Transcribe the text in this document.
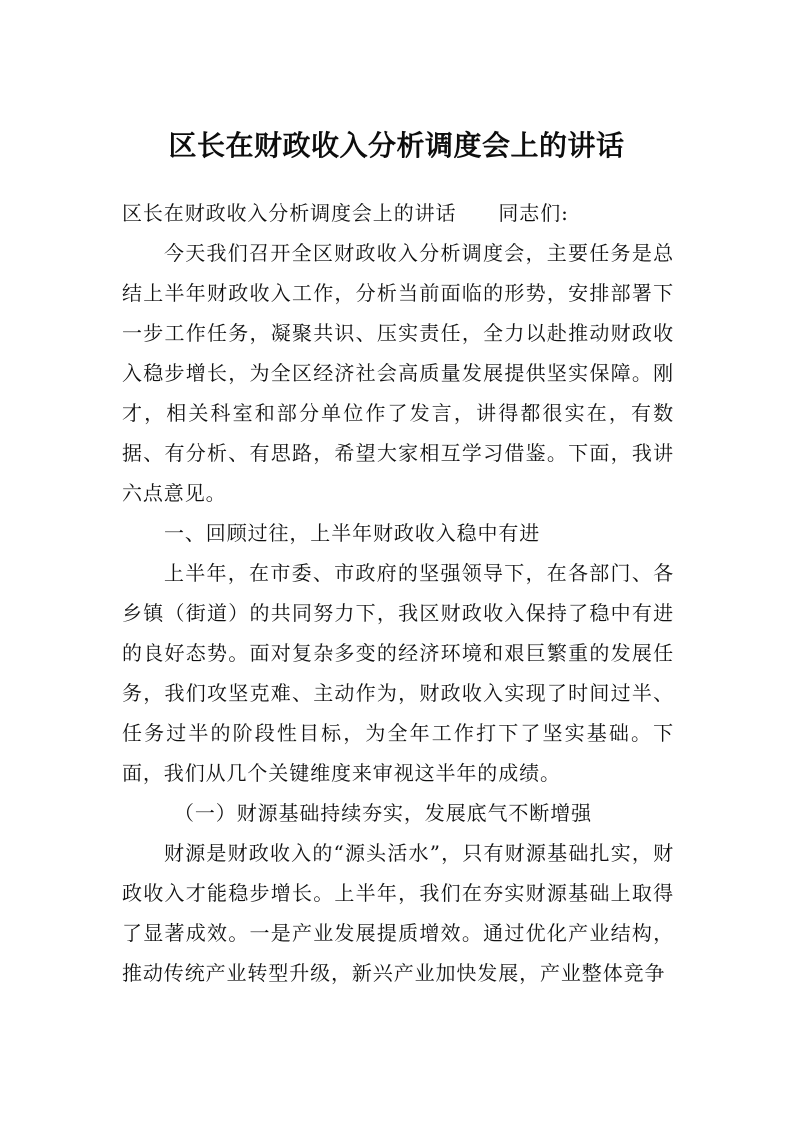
区长在财政收入分析调度会上的讲话

区长在财政收入分析调度会上的讲话 同志们:

今天我们召开全区财政收入分析调度会，主要任务是总结上半年财政收入工作，分析当前面临的形势，安排部署下一步工作任务，凝聚共识、压实责任，全力以赴推动财政收入稳步增长，为全区经济社会高质量发展提供坚实保障。刚才，相关科室和部分单位作了发言，讲得都很实在，有数据、有分析、有思路，希望大家相互学习借鉴。下面，我讲六点意见。

一、回顾过往，上半年财政收入稳中有进

上半年，在市委、市政府的坚强领导下，在各部门、各乡镇（街道）的共同努力下，我区财政收入保持了稳中有进的良好态势。面对复杂多变的经济环境和艰巨繁重的发展任务，我们攻坚克难、主动作为，财政收入实现了时间过半、任务过半的阶段性目标，为全年工作打下了坚实基础。下面，我们从几个关键维度来审视这半年的成绩。

（一）财源基础持续夯实，发展底气不断增强

财源是财政收入的“源头活水”，只有财源基础扎实，财政收入才能稳步增长。上半年，我们在夯实财源基础上取得了显著成效。一是产业发展提质增效。通过优化产业结构，推动传统产业转型升级，新兴产业加快发展，产业整体竞争
